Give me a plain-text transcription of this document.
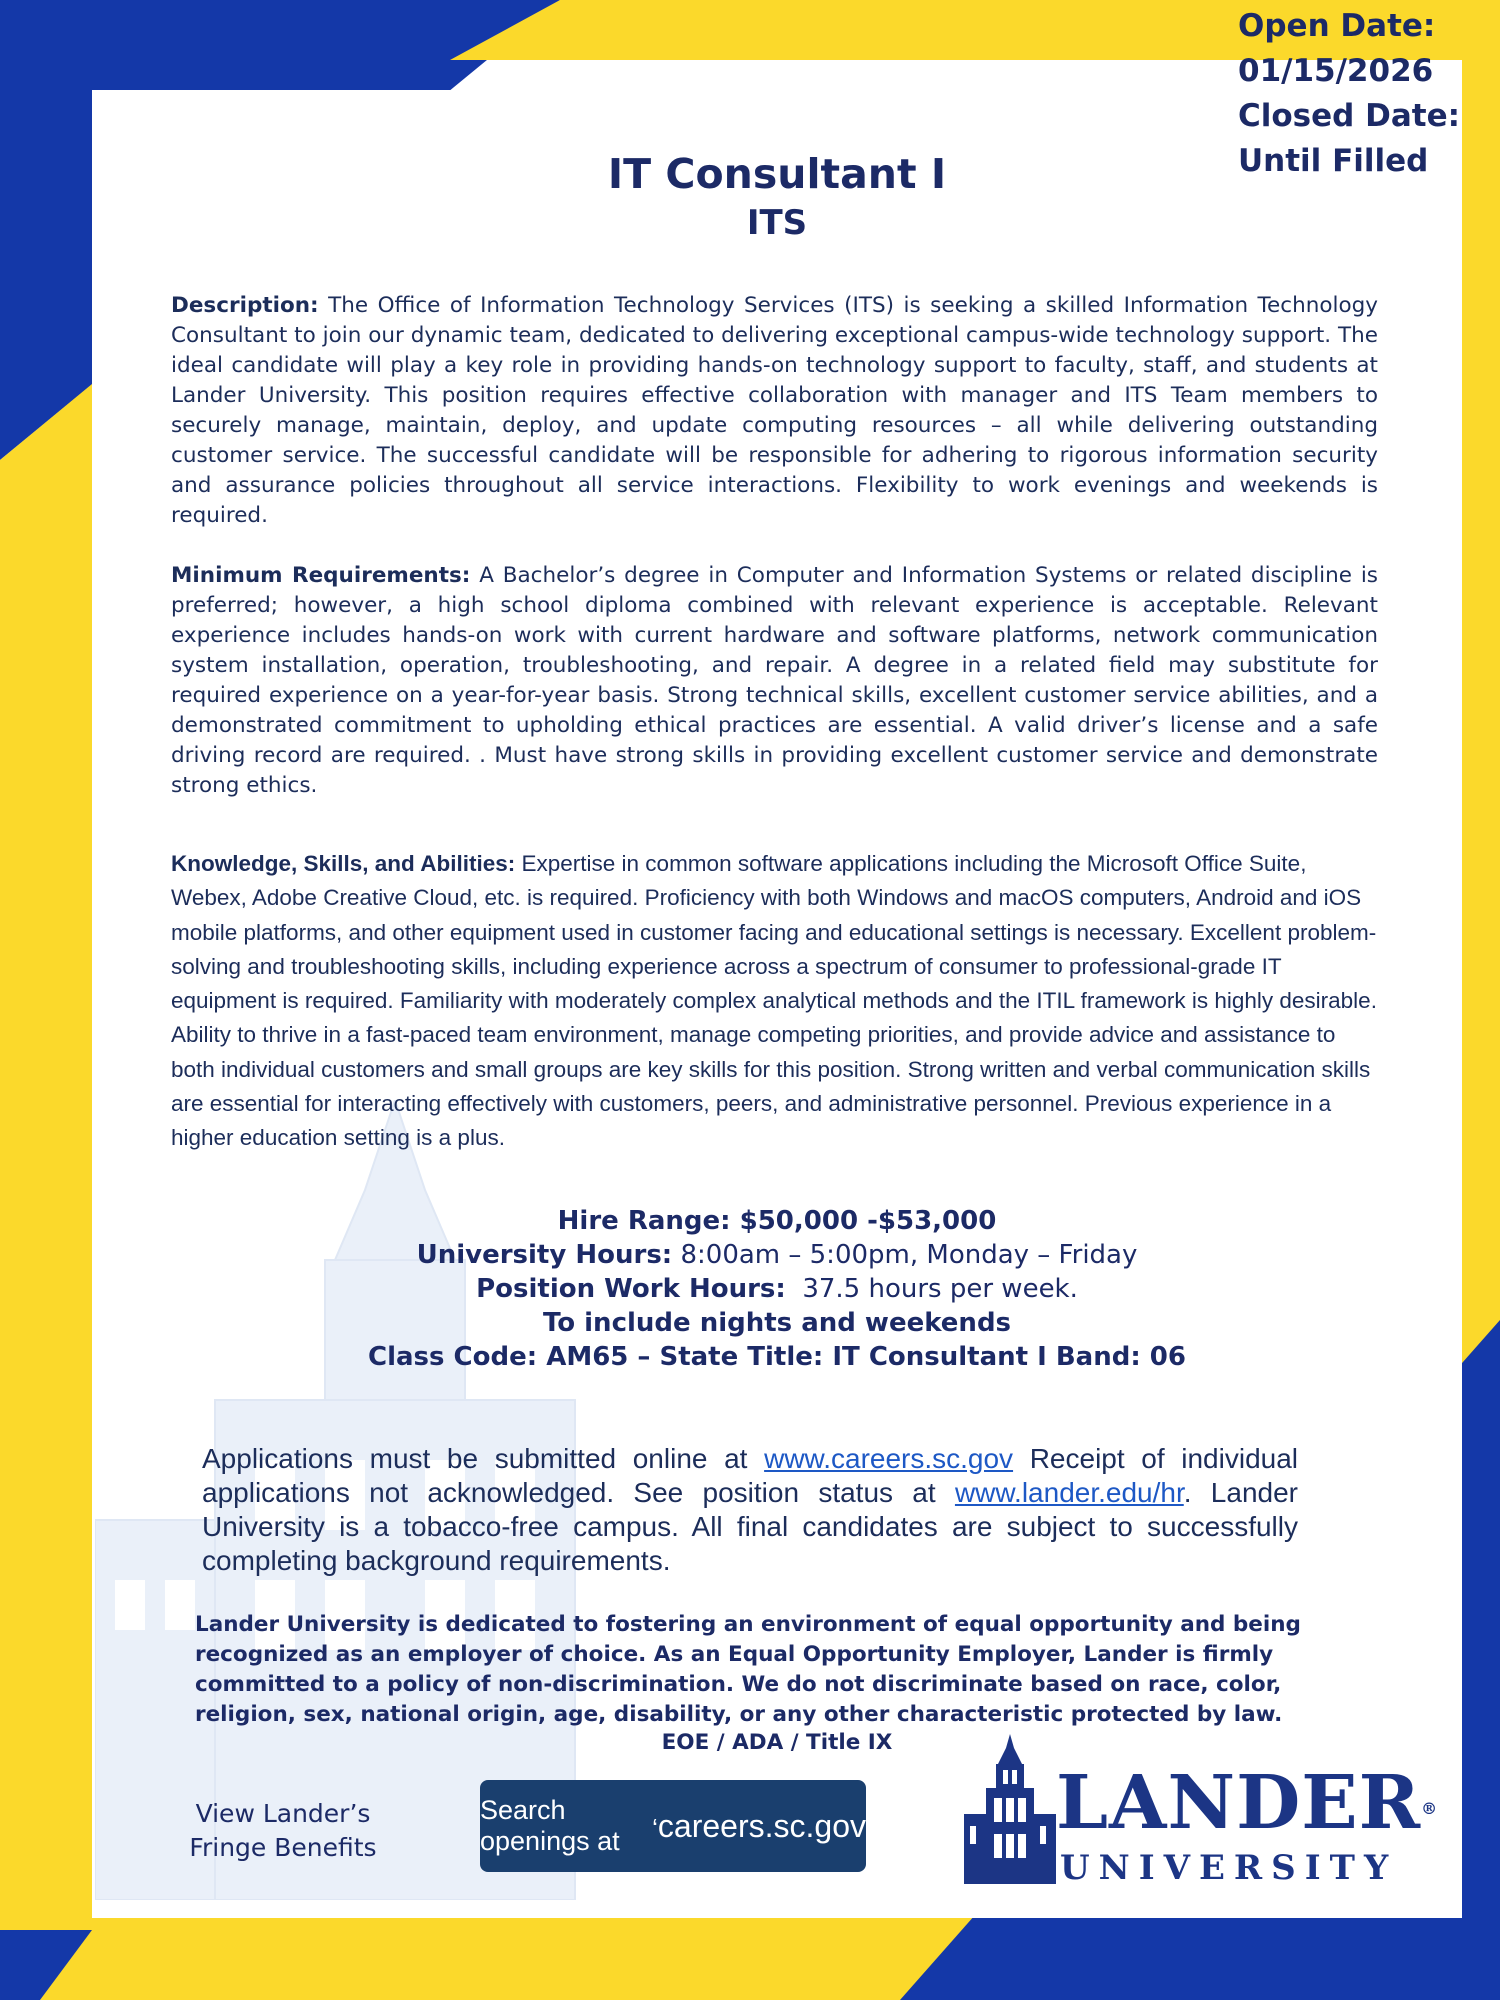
Open Date:
01/15/2026
Closed Date:
Until Filled
IT Consultant I
ITS
Description: The Office of Information Technology Services (ITS) is seeking a skilled Information Technology Consultant to join our dynamic team, dedicated to delivering exceptional campus-wide technology support. The ideal candidate will play a key role in providing hands-on technology support to faculty, staff, and students at Lander University. This position requires effective collaboration with manager and ITS Team members to securely manage, maintain, deploy, and update computing resources – all while delivering outstanding customer service. The successful candidate will be responsible for adhering to rigorous information security and assurance policies throughout all service interactions. Flexibility to work evenings and weekends is required.
Minimum Requirements: A Bachelor’s degree in Computer and Information Systems or related discipline is preferred; however, a high school diploma combined with relevant experience is acceptable. Relevant experience includes hands-on work with current hardware and software platforms, network communication system installation, operation, troubleshooting, and repair. A degree in a related field may substitute for required experience on a year-for-year basis. Strong technical skills, excellent customer service abilities, and a demonstrated commitment to upholding ethical practices are essential. A valid driver’s license and a safe driving record are required. . Must have strong skills in providing excellent customer service and demonstrate strong ethics.
Knowledge, Skills, and Abilities: Expertise in common software applications including the Microsoft Office Suite, Webex, Adobe Creative Cloud, etc. is required. Proficiency with both Windows and macOS computers, Android and iOS mobile platforms, and other equipment used in customer facing and educational settings is necessary. Excellent problem-solving and troubleshooting skills, including experience across a spectrum of consumer to professional-grade IT equipment is required. Familiarity with moderately complex analytical methods and the ITIL framework is highly desirable. Ability to thrive in a fast-paced team environment, manage competing priorities, and provide advice and assistance to both individual customers and small groups are key skills for this position. Strong written and verbal communication skills are essential for interacting effectively with customers, peers, and administrative personnel. Previous experience in a higher education setting is a plus.
Hire Range: $50,000 -$53,000
University Hours: 8:00am – 5:00pm, Monday – Friday
Position Work Hours: 37.5 hours per week.
To include nights and weekends
Class Code: AM65 – State Title: IT Consultant I Band: 06
Applications must be submitted online at www.careers.sc.gov Receipt of individual applications not acknowledged. See position status at www.lander.edu/hr. Lander University is a tobacco-free campus. All final candidates are subject to successfully completing background requirements.
Lander University is dedicated to fostering an environment of equal opportunity and being recognized as an employer of choice. As an Equal Opportunity Employer, Lander is firmly committed to a policy of non-discrimination. We do not discriminate based on race, color, religion, sex, national origin, age, disability, or any other characteristic protected by law.
EOE / ADA / Title IX
View Lander’s
Fringe Benefits
Search openings at
‘	careers.sc.gov	LANDER®
UNIVERSITY
